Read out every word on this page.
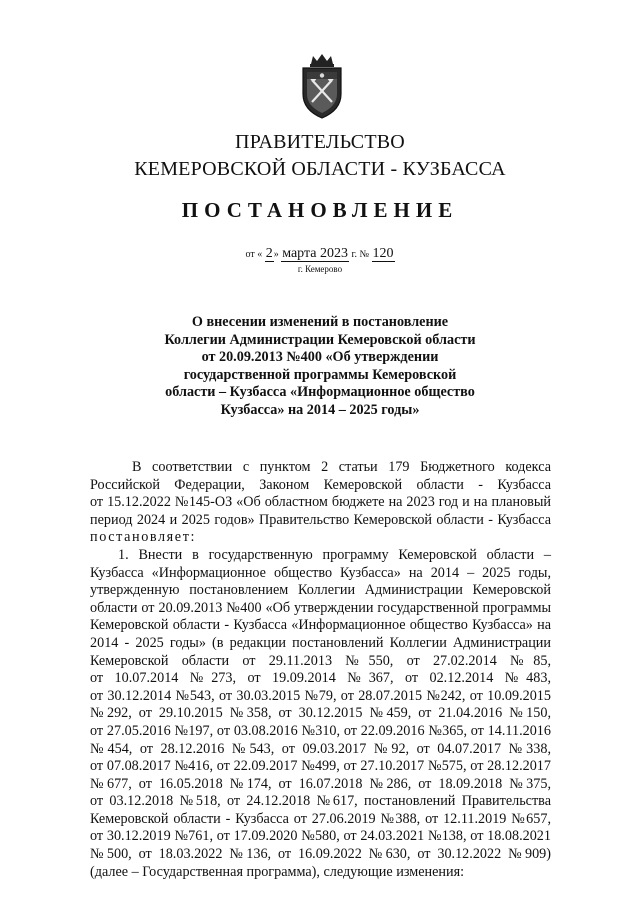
ПРАВИТЕЛЬСТВО
КЕМЕРОВСКОЙ ОБЛАСТИ - КУЗБАССА
ПОСТАНОВЛЕНИЕ
от « 2» марта 2023 г. № 120
г. Кемерово
О внесении изменений в постановление
Коллегии Администрации Кемеровской области
от 20.09.2013 №400 «Об утверждении
государственной программы Кемеровской
области – Кузбасса «Информационное общество
Кузбасса» на 2014 – 2025 годы»
В соответствии с пунктом 2 статьи 179 Бюджетного кодекса
Российской Федерации, Законом Кемеровской области - Кузбасса
от 15.12.2022 №145-ОЗ «Об областном бюджете на 2023 год и на плановый
период 2024 и 2025 годов» Правительство Кемеровской области - Кузбасса
постановляет:
1. Внести в государственную программу Кемеровской области –
Кузбасса «Информационное общество Кузбасса» на 2014 – 2025 годы,
утвержденную постановлением Коллегии Администрации Кемеровской
области от 20.09.2013 №400 «Об утверждении государственной программы
Кемеровской области - Кузбасса «Информационное общество Кузбасса» на
2014 - 2025 годы» (в редакции постановлений Коллегии Администрации
Кемеровской области от 29.11.2013 №550, от 27.02.2014 №85,
от 10.07.2014 №273, от 19.09.2014 №367, от 02.12.2014 №483,
от 30.12.2014 №543, от 30.03.2015 №79, от 28.07.2015 №242, от 10.09.2015
№292, от 29.10.2015 №358, от 30.12.2015 №459, от 21.04.2016 №150,
от 27.05.2016 №197, от 03.08.2016 №310, от 22.09.2016 №365, от 14.11.2016
№454, от 28.12.2016 №543, от 09.03.2017 №92, от 04.07.2017 №338,
от 07.08.2017 №416, от 22.09.2017 №499, от 27.10.2017 №575, от 28.12.2017
№677, от 16.05.2018 №174, от 16.07.2018 №286, от 18.09.2018 №375,
от 03.12.2018 №518, от 24.12.2018 №617, постановлений Правительства
Кемеровской области - Кузбасса от 27.06.2019 №388, от 12.11.2019 №657,
от 30.12.2019 №761, от 17.09.2020 №580, от 24.03.2021 №138, от 18.08.2021
№500, от 18.03.2022 №136, от 16.09.2022 №630, от 30.12.2022 №909)
(далее – Государственная программа), следующие изменения:
